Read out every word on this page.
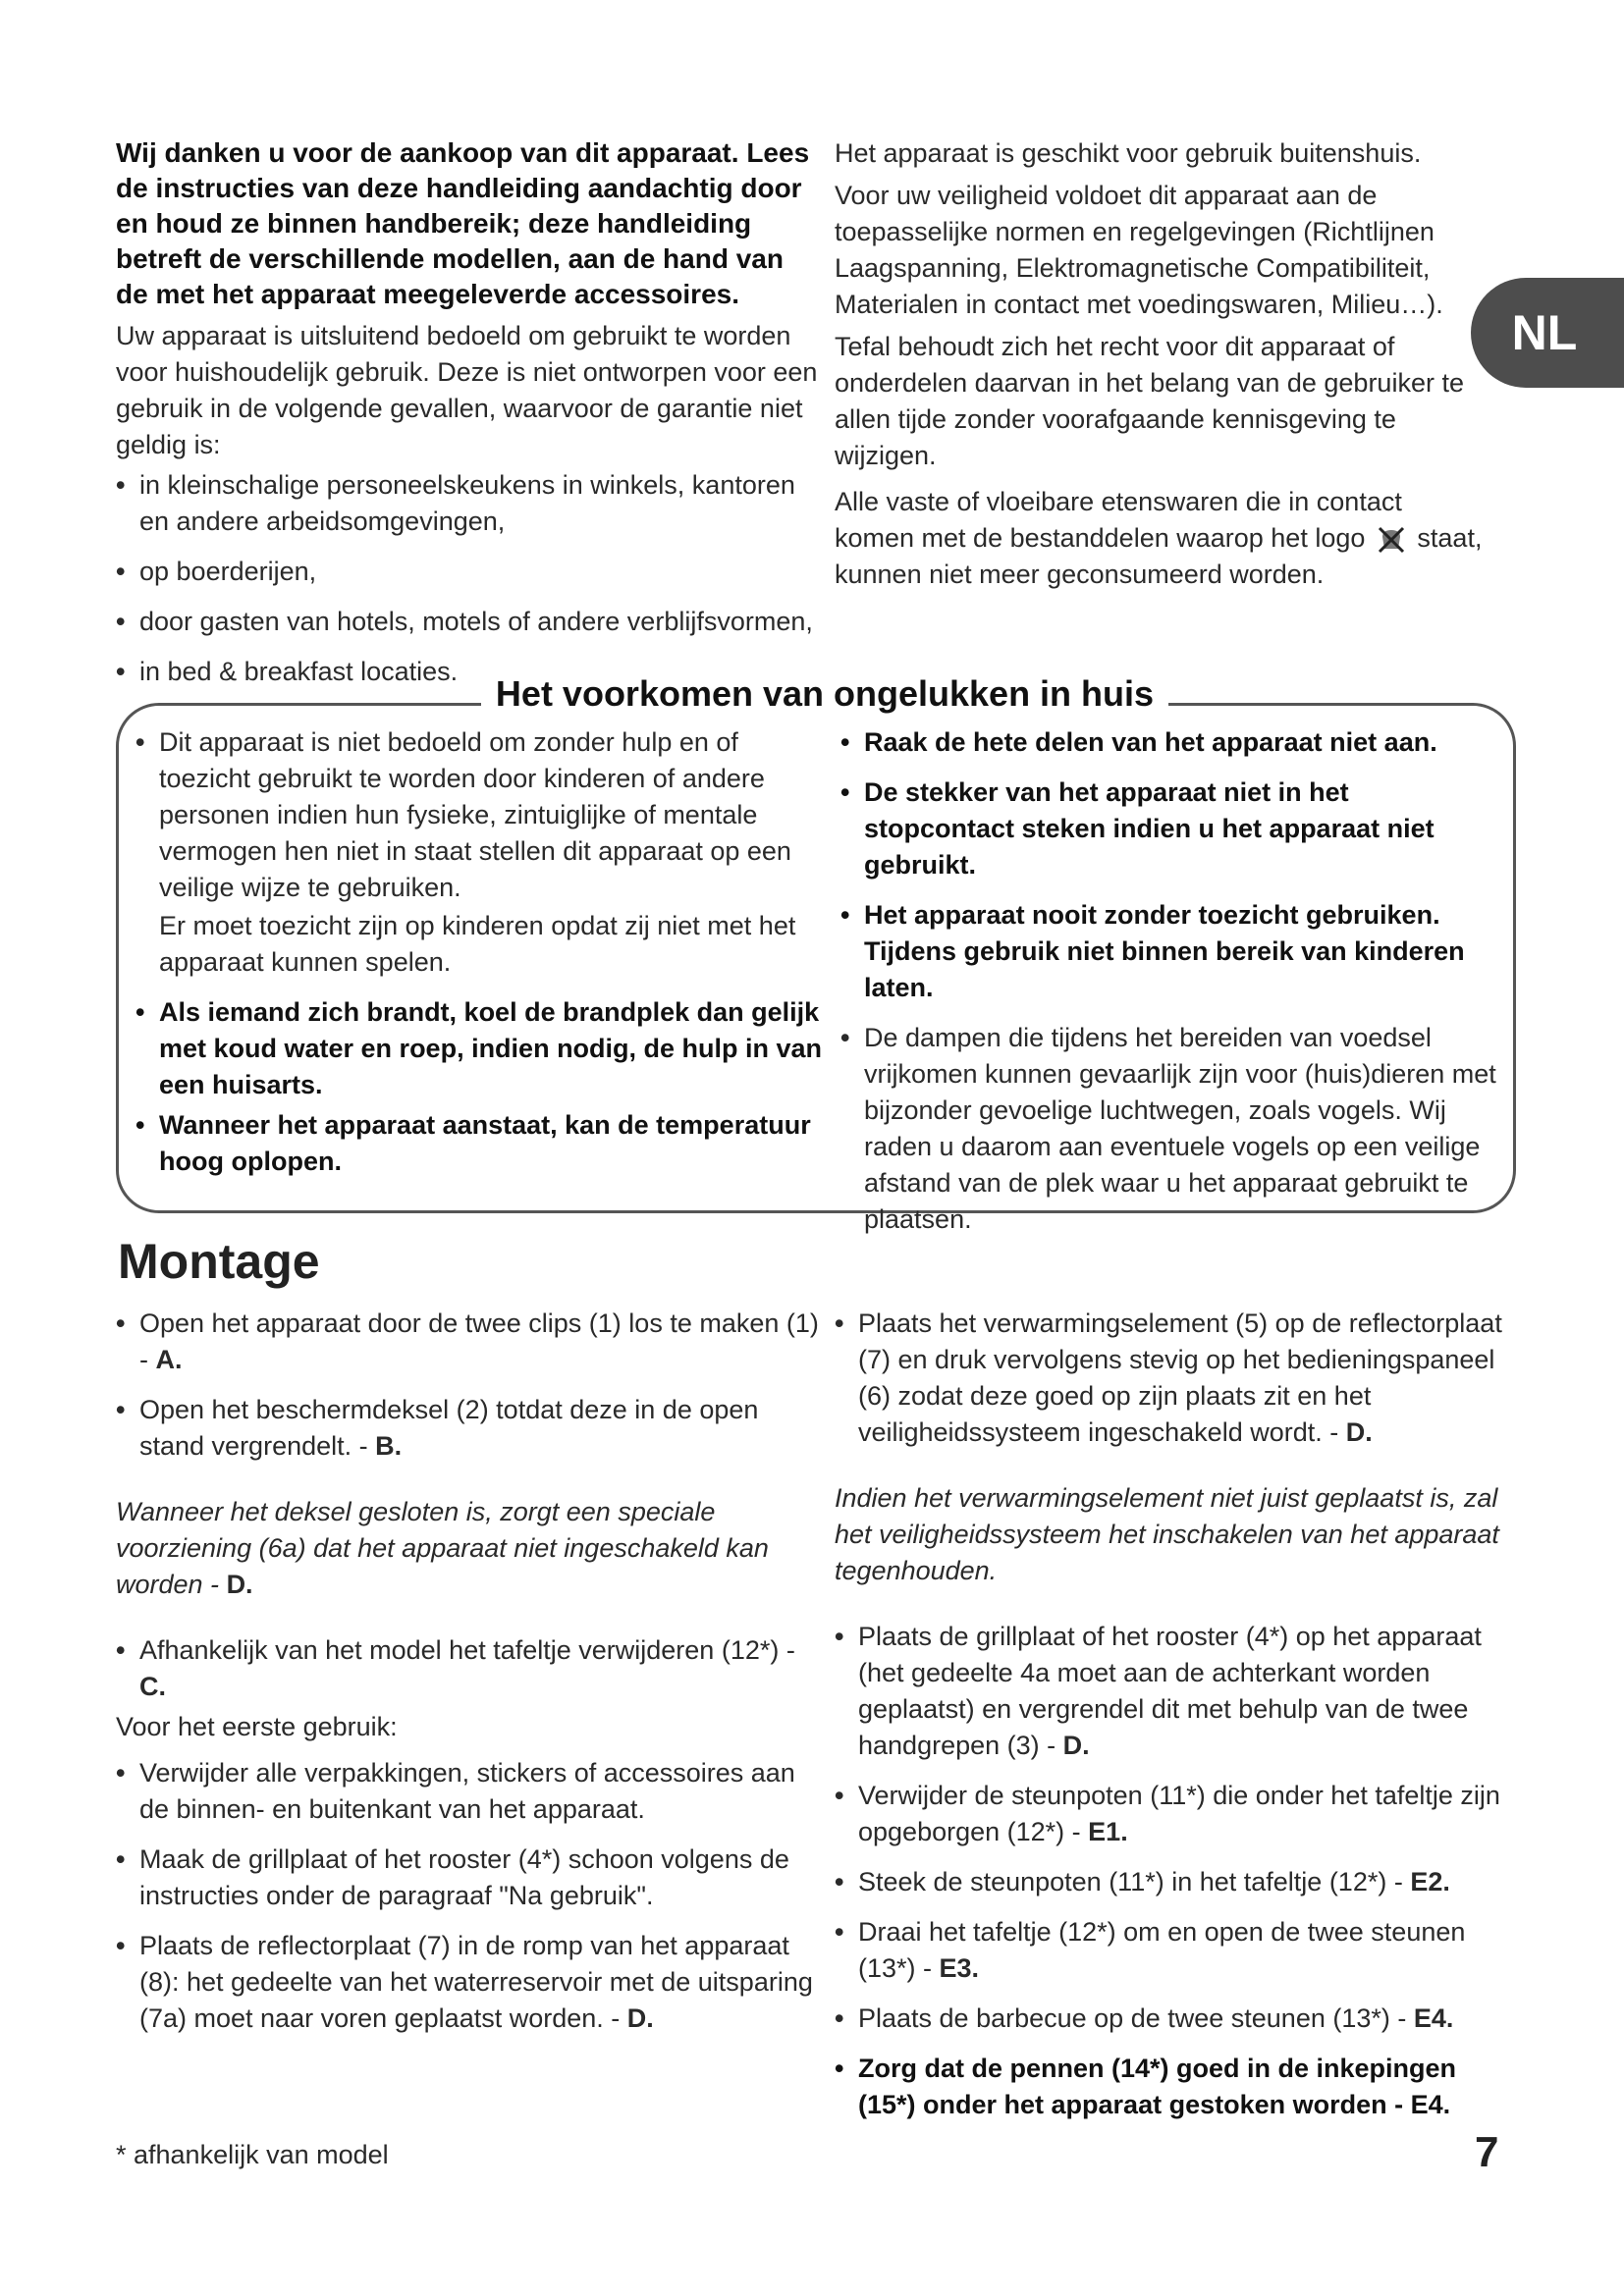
NL

Wij danken u voor de aankoop van dit apparaat. Lees de instructies van deze handleiding aandachtig door en houd ze binnen handbereik; deze handleiding betreft de verschillende modellen, aan de hand van de met het apparaat meegeleverde accessoires.

Uw apparaat is uitsluitend bedoeld om gebruikt te worden voor huishoudelijk gebruik. Deze is niet ontworpen voor een gebruik in de volgende gevallen, waarvoor de garantie niet geldig is:

• in kleinschalige personeelskeukens in winkels, kantoren en andere arbeidsomgevingen,
• op boerderijen,
• door gasten van hotels, motels of andere verblijfsvormen,
• in bed & breakfast locaties.

Het apparaat is geschikt voor gebruik buitenshuis.

Voor uw veiligheid voldoet dit apparaat aan de toepasselijke normen en regelgevingen (Richtlijnen Laagspanning, Elektromagnetische Compatibiliteit, Materialen in contact met voedingswaren, Milieu…).

Tefal behoudt zich het recht voor dit apparaat of onderdelen daarvan in het belang van de gebruiker te allen tijde zonder voorafgaande kennisgeving te wijzigen.

Alle vaste of vloeibare etenswaren die in contact komen met de bestanddelen waarop het logo staat, kunnen niet meer geconsumeerd worden.

Het voorkomen van ongelukken in huis
• Dit apparaat is niet bedoeld om zonder hulp en of toezicht gebruikt te worden door kinderen of andere personen indien hun fysieke, zintuiglijke of mentale vermogen hen niet in staat stellen dit apparaat op een veilige wijze te gebruiken.

Er moet toezicht zijn op kinderen opdat zij niet met het apparaat kunnen spelen.

• Als iemand zich brandt, koel de brandplek dan gelijk met koud water en roep, indien nodig, de hulp in van een huisarts.
• Wanneer het apparaat aanstaat, kan de temperatuur hoog oplopen.
• Raak de hete delen van het apparaat niet aan.
• De stekker van het apparaat niet in het stopcontact steken indien u het apparaat niet gebruikt.
• Het apparaat nooit zonder toezicht gebruiken. Tijdens gebruik niet binnen bereik van kinderen laten.
• De dampen die tijdens het bereiden van voedsel vrijkomen kunnen gevaarlijk zijn voor (huis)dieren met bijzonder gevoelige luchtwegen, zoals vogels. Wij raden u daarom aan eventuele vogels op een veilige afstand van de plek waar u het apparaat gebruikt te plaatsen.
Montage
• Open het apparaat door de twee clips (1) los te maken (1) - A.
• Open het beschermdeksel (2) totdat deze in de open stand vergrendelt. - B.

Wanneer het deksel gesloten is, zorgt een speciale voorziening (6a) dat het apparaat niet ingeschakeld kan worden - D.

• Afhankelijk van het model het tafeltje verwijderen (12*) - C.

Voor het eerste gebruik:

• Verwijder alle verpakkingen, stickers of accessoires aan de binnen- en buitenkant van het apparaat.
• Maak de grillplaat of het rooster (4*) schoon volgens de instructies onder de paragraaf "Na gebruik".
• Plaats de reflectorplaat (7) in de romp van het apparaat (8): het gedeelte van het waterreservoir met de uitsparing (7a) moet naar voren geplaatst worden. - D.
• Plaats het verwarmingselement (5) op de reflectorplaat (7) en druk vervolgens stevig op het bedieningspaneel (6) zodat deze goed op zijn plaats zit en het veiligheidssysteem ingeschakeld wordt. - D.

Indien het verwarmingselement niet juist geplaatst is, zal het veiligheidssysteem het inschakelen van het apparaat tegenhouden.

• Plaats de grillplaat of het rooster (4*) op het apparaat (het gedeelte 4a moet aan de achterkant worden geplaatst) en vergrendel dit met behulp van de twee handgrepen (3) - D.
• Verwijder de steunpoten (11*) die onder het tafeltje zijn opgeborgen (12*) - E1.
• Steek de steunpoten (11*) in het tafeltje (12*) - E2.
• Draai het tafeltje (12*) om en open de twee steunen (13*) - E3.
• Plaats de barbecue op de twee steunen (13*) - E4.
• Zorg dat de pennen (14*) goed in de inkepingen (15*) onder het apparaat gestoken worden - E4.
* afhankelijk van model	7
